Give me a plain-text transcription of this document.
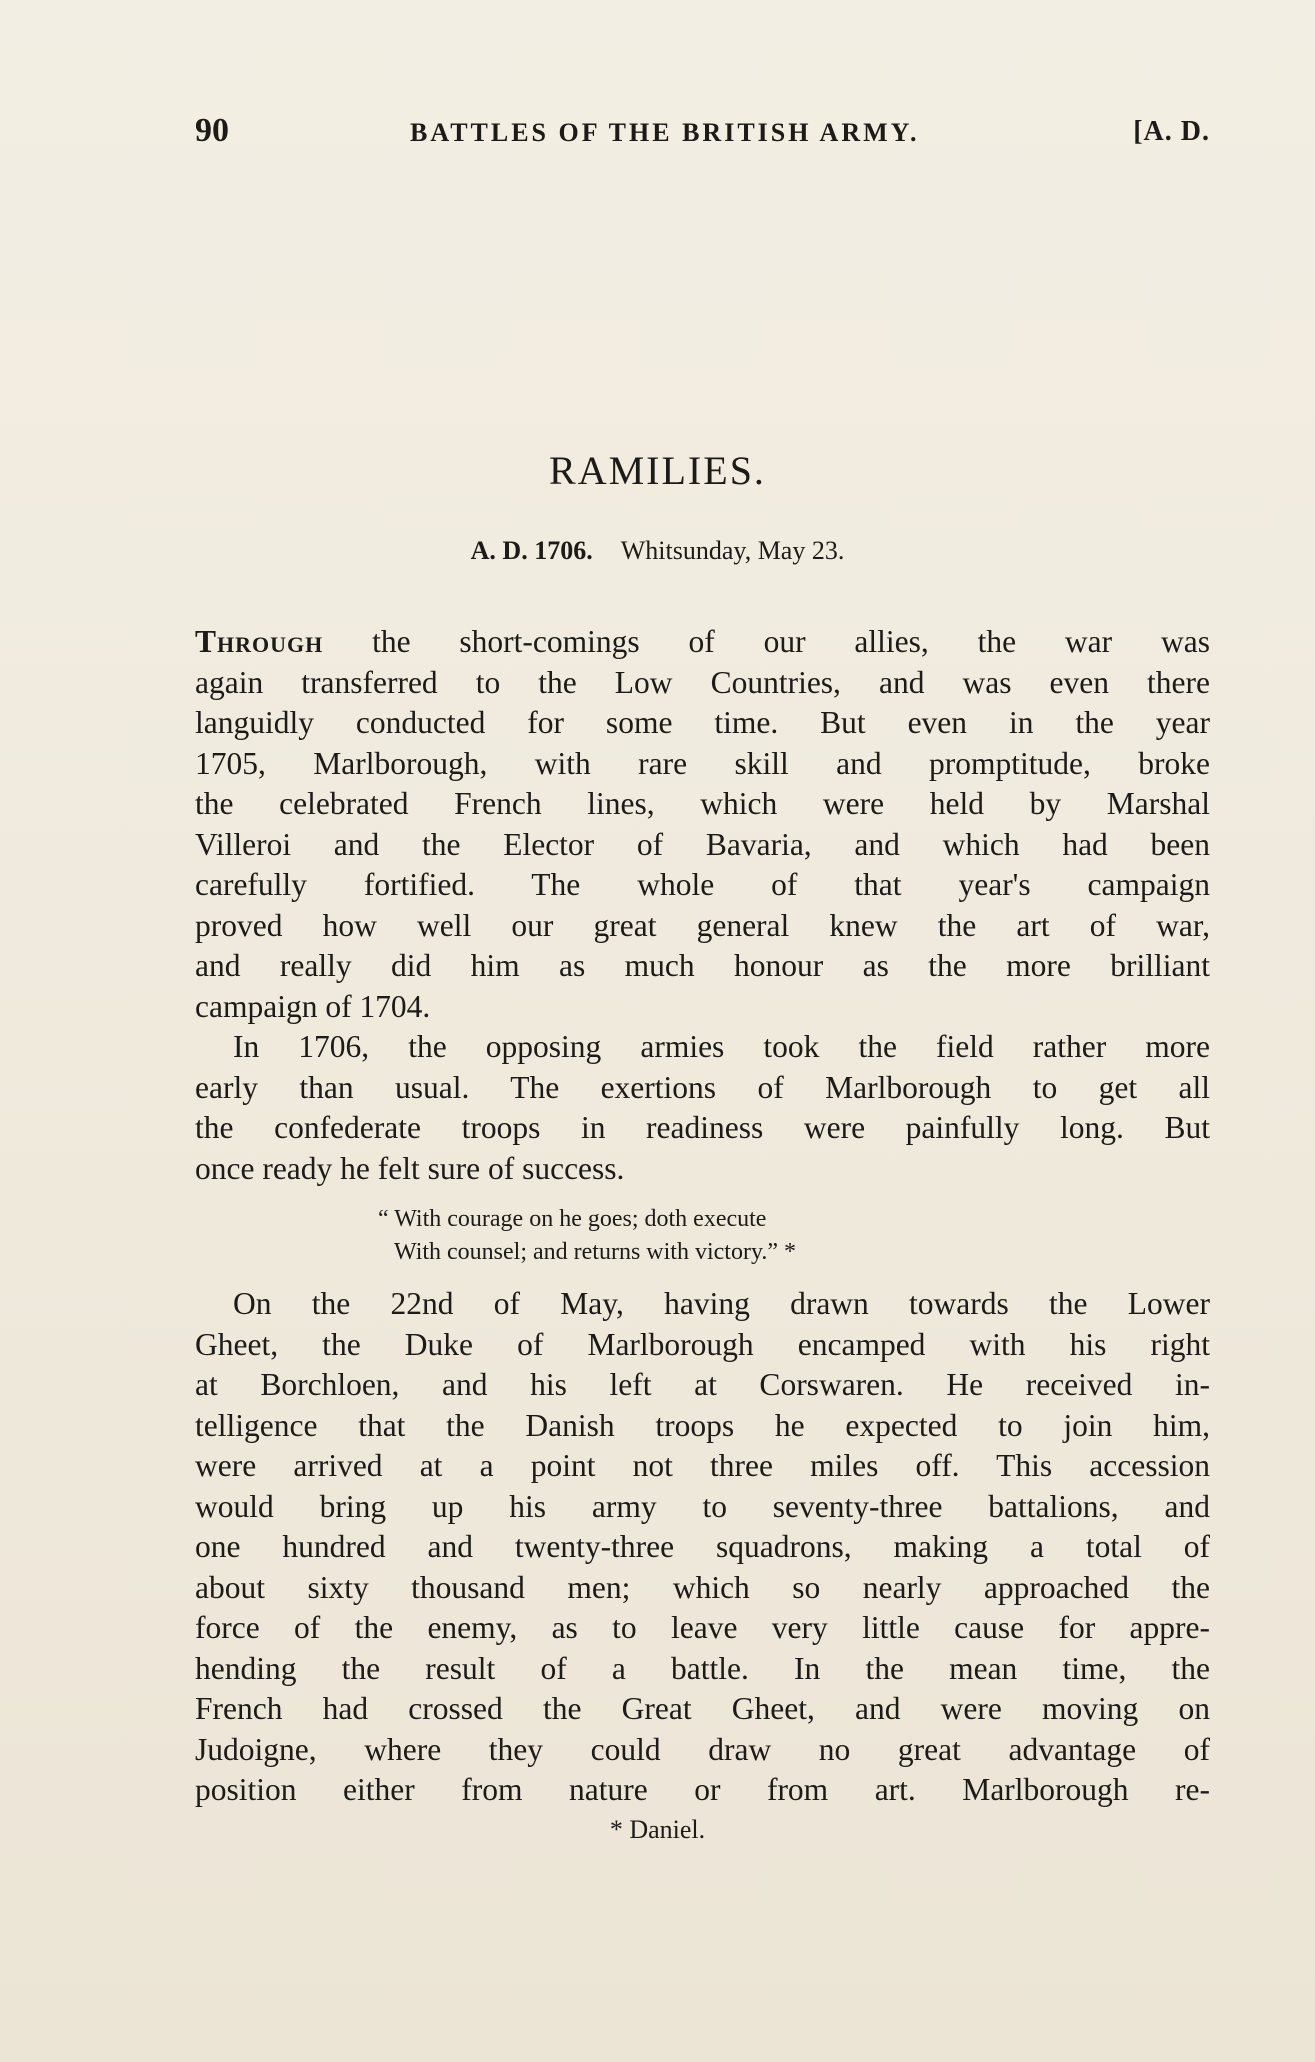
90	BATTLES OF THE BRITISH ARMY.	[A. D.
RAMILIES.
A. D. 1706. Whitsunday, May 23.
Through the short-comings of our allies, the war was
again transferred to the Low Countries, and was even there
languidly conducted for some time. But even in the year
1705, Marlborough, with rare skill and promptitude, broke
the celebrated French lines, which were held by Marshal
Villeroi and the Elector of Bavaria, and which had been
carefully fortified. The whole of that year's campaign
proved how well our great general knew the art of war,
and really did him as much honour as the more brilliant
campaign of 1704.
In 1706, the opposing armies took the field rather more
early than usual. The exertions of Marlborough to get all
the confederate troops in readiness were painfully long. But
once ready he felt sure of success.
“ With courage on he goes; doth execute
With counsel; and returns with victory.” *
On the 22nd of May, having drawn towards the Lower
Gheet, the Duke of Marlborough encamped with his right
at Borchloen, and his left at Corswaren. He received in-
telligence that the Danish troops he expected to join him,
were arrived at a point not three miles off. This accession
would bring up his army to seventy-three battalions, and
one hundred and twenty-three squadrons, making a total of
about sixty thousand men; which so nearly approached the
force of the enemy, as to leave very little cause for appre-
hending the result of a battle. In the mean time, the
French had crossed the Great Gheet, and were moving on
Judoigne, where they could draw no great advantage of
position either from nature or from art. Marlborough re-
* Daniel.
